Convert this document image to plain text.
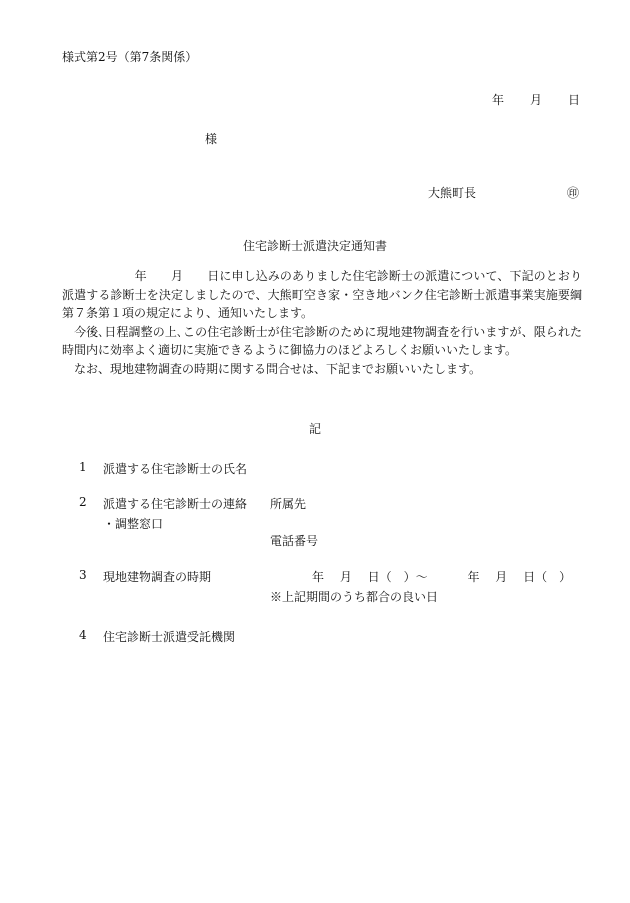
様式第2号（第7条関係）
年 月 日
様
大熊町長	㊞
住宅診断士派遣決定通知書

　　　　　　年　　月　　日に申し込みのありました住宅診断士の派遣について、下記のとおり派遣する診断士を決定しましたので、大熊町空き家・空き地バンク住宅診断士派遣事業実施要綱第７条第１項の規定により、通知いたします。

　今後､日程調整の上､この住宅診断士が住宅診断のために現地建物調査を行いますが、限られた時間内に効率よく適切に実施できるように御協力のほどよろしくお願いいたします。

　なお、現地建物調査の時期に関する問合せは、下記までお願いいたします。

記
1 派遣する住宅診断士の氏名
2 派遣する住宅診断士の連絡 所属先
・調整窓口
電話番号
3 現地建物調査の時期	年　 月　 日（　）～　　　 年　 月　 日（　）
※上記期間のうち都合の良い日
4 住宅診断士派遣受託機関
